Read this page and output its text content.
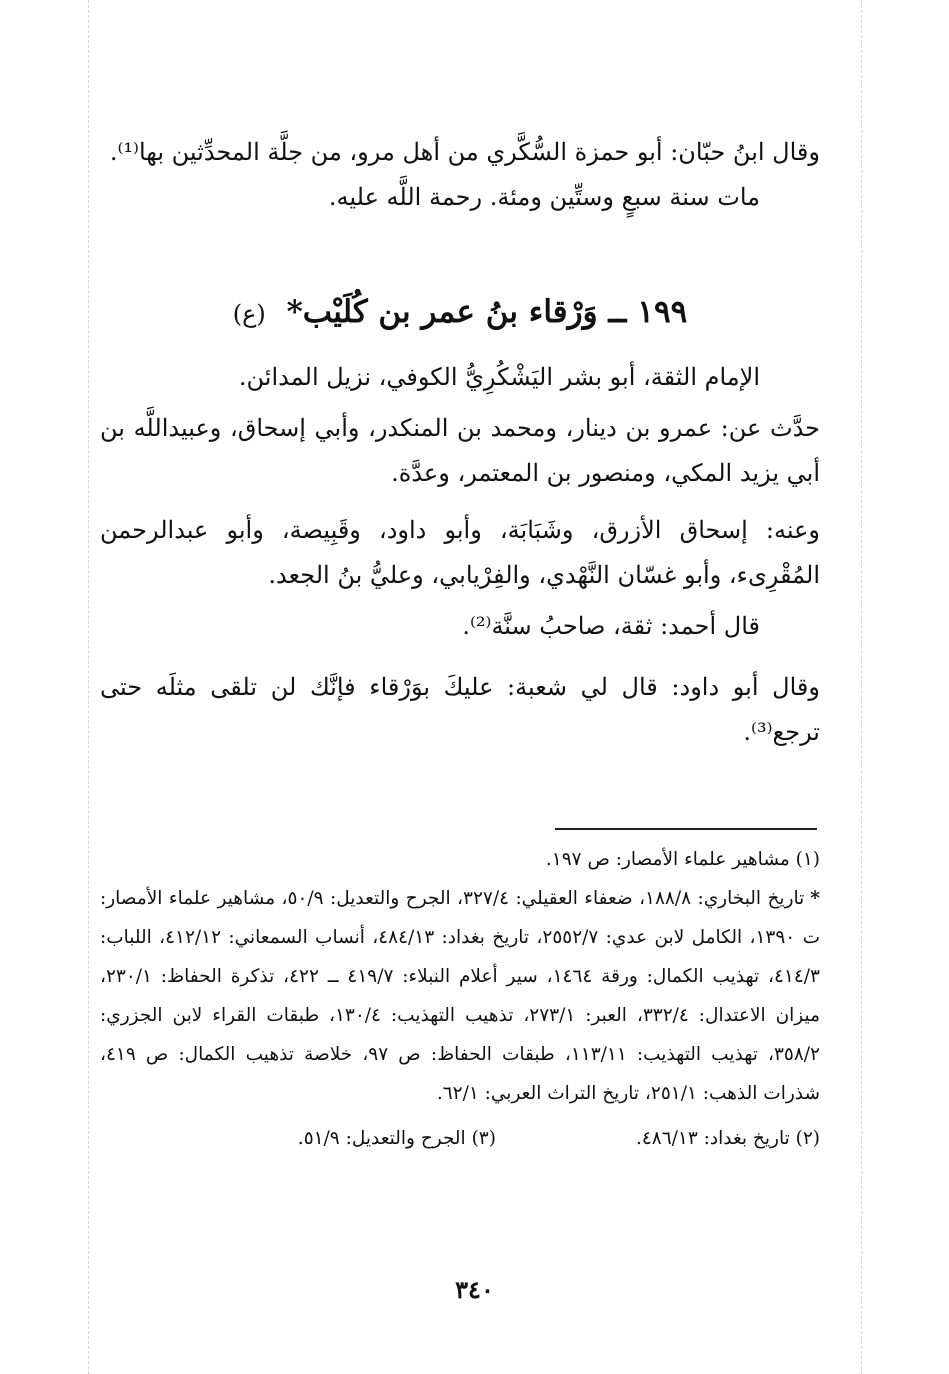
وقال ابنُ حبّان: أبو حمزة السُّكَّري من أهل مرو، من جلَّة المحدِّثين بها⁽¹⁾.

مات سنة سبعٍ وستِّين ومئة. رحمة اللَّه عليه.

١٩٩ ــ وَرْقاء بنُ عمر بن كُلَيْب* (ع)

الإمام الثقة، أبو بشر اليَشْكُرِيُّ الكوفي، نزيل المدائن.

حدَّث عن: عمرو بن دينار، ومحمد بن المنكدر، وأبي إسحاق، وعبيداللَّه بن أبي يزيد المكي، ومنصور بن المعتمر، وعدَّة.

وعنه: إسحاق الأزرق، وشَبَابَة، وأبو داود، وقَبِيصة، وأبو عبدالرحمن المُقْرِىء، وأبو غسّان النَّهْدي، والفِرْيابي، وعليُّ بنُ الجعد.

قال أحمد: ثقة، صاحبُ سنَّة⁽²⁾.

وقال أبو داود: قال لي شعبة: عليكَ بوَرْقاء فإنَّك لن تلقى مثلَه حتى ترجع⁽³⁾.

(١) مشاهير علماء الأمصار: ص ١٩٧.

*تاريخ البخاري: ١٨٨/٨، ضعفاء العقيلي: ٣٢٧/٤، الجرح والتعديل: ٥٠/٩، مشاهير علماء الأمصار: ت ١٣٩٠، الكامل لابن عدي: ٢٥٥٢/٧، تاريخ بغداد: ٤٨٤/١٣، أنساب السمعاني: ٤١٢/١٢، اللباب: ٤١٤/٣، تهذيب الكمال: ورقة ١٤٦٤، سير أعلام النبلاء: ٤١٩/٧ ــ ٤٢٢، تذكرة الحفاظ: ٢٣٠/١، ميزان الاعتدال: ٣٣٢/٤، العبر: ٢٧٣/١، تذهيب التهذيب: ١٣٠/٤، طبقات القراء لابن الجزري: ٣٥٨/٢، تهذيب التهذيب: ١١٣/١١، طبقات الحفاظ: ص ٩٧، خلاصة تذهيب الكمال: ص ٤١٩، شذرات الذهب: ٢٥١/١، تاريخ التراث العربي: ٦٢/١.

(٢) تاريخ بغداد: ٤٨٦/١٣.
(٣) الجرح والتعديل: ٥١/٩.
٣٤٠
